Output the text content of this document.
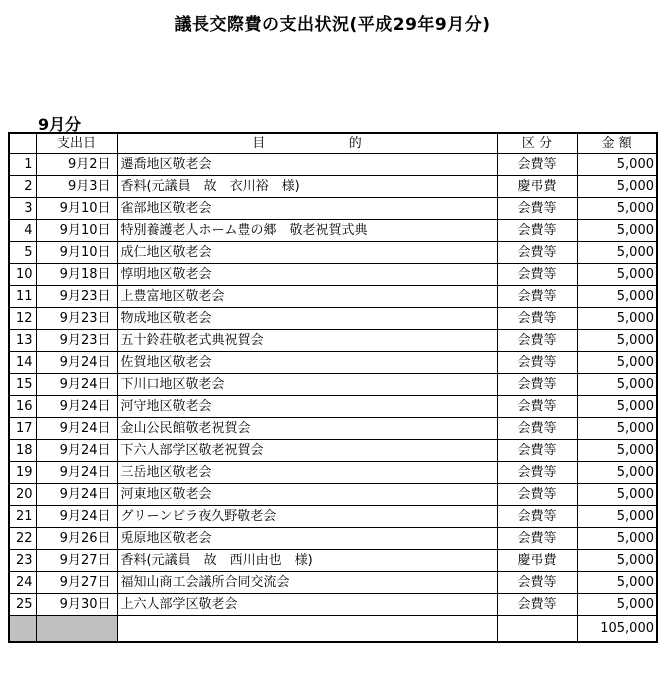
議長交際費の支出状況(平成29年9月分)
9月分
	支出日	目 的	区 分	金 額
1	9月2日	遷喬地区敬老会	会費等	5,000
2	9月3日	香料(元議員　故　衣川裕　様)	慶弔費	5,000
3	9月10日	雀部地区敬老会	会費等	5,000
4	9月10日	特別養護老人ホーム豊の郷　敬老祝賀式典	会費等	5,000
5	9月10日	成仁地区敬老会	会費等	5,000
10	9月18日	惇明地区敬老会	会費等	5,000
11	9月23日	上豊富地区敬老会	会費等	5,000
12	9月23日	物成地区敬老会	会費等	5,000
13	9月23日	五十鈴荘敬老式典祝賀会	会費等	5,000
14	9月24日	佐賀地区敬老会	会費等	5,000
15	9月24日	下川口地区敬老会	会費等	5,000
16	9月24日	河守地区敬老会	会費等	5,000
17	9月24日	金山公民館敬老祝賀会	会費等	5,000
18	9月24日	下六人部学区敬老祝賀会	会費等	5,000
19	9月24日	三岳地区敬老会	会費等	5,000
20	9月24日	河東地区敬老会	会費等	5,000
21	9月24日	グリーンビラ夜久野敬老会	会費等	5,000
22	9月26日	兎原地区敬老会	会費等	5,000
23	9月27日	香料(元議員　故　西川由也　様)	慶弔費	5,000
24	9月27日	福知山商工会議所合同交流会	会費等	5,000
25	9月30日	上六人部学区敬老会	会費等	5,000
				105,000
